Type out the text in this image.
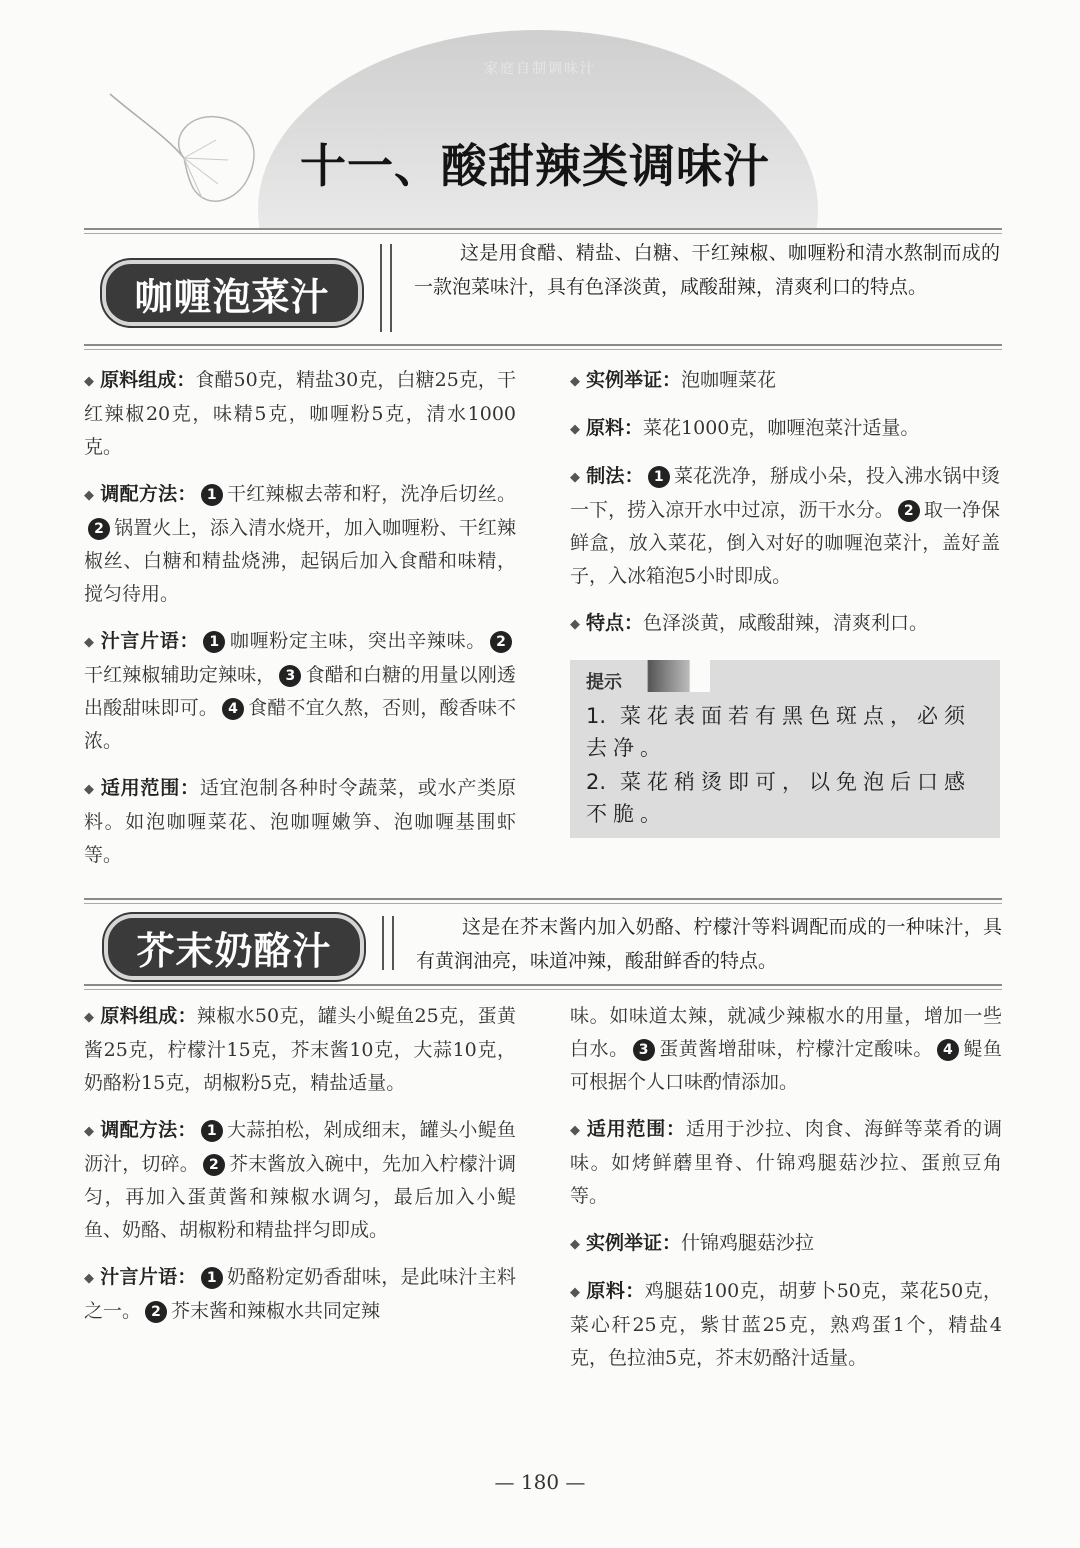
家庭自制调味汁
十一、酸甜辣类调味汁
咖喱泡菜汁
这是用食醋、精盐、白糖、干红辣椒、咖喱粉和清水熬制而成的一款泡菜味汁，具有色泽淡黄，咸酸甜辣，清爽利口的特点。

◆ 原料组成：食醋50克，精盐30克，白糖25克，干红辣椒20克，味精5克，咖喱粉5克，清水1000克。

◆ 调配方法： 1 干红辣椒去蒂和籽，洗净后切丝。2 锅置火上，添入清水烧开，加入咖喱粉、干红辣椒丝、白糖和精盐烧沸，起锅后加入食醋和味精，搅匀待用。

◆ 汁言片语： 1 咖喱粉定主味，突出辛辣味。 2干红辣椒辅助定辣味， 3 食醋和白糖的用量以刚透出酸甜味即可。 4 食醋不宜久熬，否则，酸香味不浓。

◆ 适用范围：适宜泡制各种时令蔬菜，或水产类原料。如泡咖喱菜花、泡咖喱嫩笋、泡咖喱基围虾等。

◆ 实例举证：泡咖喱菜花

◆ 原料：菜花1000克，咖喱泡菜汁适量。

◆ 制法： 1 菜花洗净，掰成小朵，投入沸水锅中烫一下，捞入凉开水中过凉，沥干水分。 2 取一净保鲜盒，放入菜花，倒入对好的咖喱泡菜汁，盖好盖子，入冰箱泡5小时即成。

◆ 特点：色泽淡黄，咸酸甜辣，清爽利口。

提示
1. 菜花表面若有黑色斑点，必须去净。
2. 菜花稍烫即可，以免泡后口感不脆。
芥末奶酪汁
这是在芥末酱内加入奶酪、柠檬汁等料调配而成的一种味汁，具有黄润油亮，味道冲辣，酸甜鲜香的特点。

◆ 原料组成：辣椒水50克，罐头小鳀鱼25克，蛋黄酱25克，柠檬汁15克，芥末酱10克，大蒜10克，奶酪粉15克，胡椒粉5克，精盐适量。

◆ 调配方法： 1 大蒜拍松，剁成细末，罐头小鳀鱼沥汁，切碎。 2 芥末酱放入碗中，先加入柠檬汁调匀，再加入蛋黄酱和辣椒水调匀，最后加入小鳀鱼、奶酪、胡椒粉和精盐拌匀即成。

◆ 汁言片语： 1 奶酪粉定奶香甜味，是此味汁主料之一。 2 芥末酱和辣椒水共同定辣

味。如味道太辣，就减少辣椒水的用量，增加一些白水。 3 蛋黄酱增甜味，柠檬汁定酸味。 4 鳀鱼可根据个人口味酌情添加。

◆ 适用范围：适用于沙拉、肉食、海鲜等菜肴的调味。如烤鲜蘑里脊、什锦鸡腿菇沙拉、蛋煎豆角等。

◆ 实例举证：什锦鸡腿菇沙拉

◆ 原料：鸡腿菇100克，胡萝卜50克，菜花50克，菜心秆25克，紫甘蓝25克，熟鸡蛋1个，精盐4克，色拉油5克，芥末奶酪汁适量。

— 180 —
